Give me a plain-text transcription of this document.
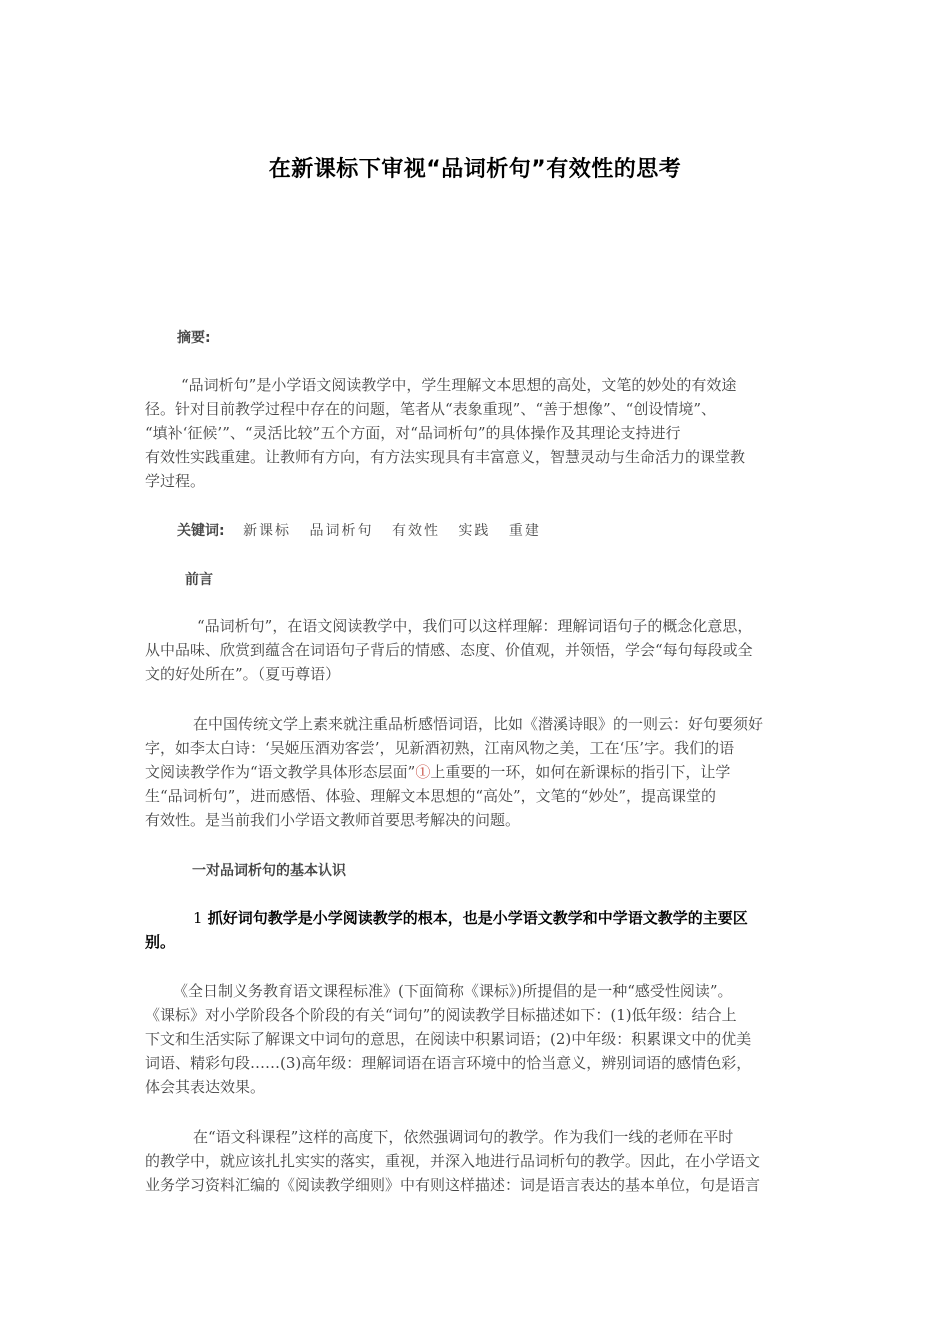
在新课标下审视“品词析句”有效性的思考
摘要:
“品词析句”是小学语文阅读教学中，学生理解文本思想的高处，文笔的妙处的有效途
径。针对目前教学过程中存在的问题，笔者从“表象重现”、“善于想像”、“创设情境”、
“填补‘征候’”、“灵活比较”五个方面，对“品词析句”的具体操作及其理论支持进行
有效性实践重建。让教师有方向，有方法实现具有丰富意义，智慧灵动与生命活力的课堂教
学过程。
关键词: 新课标 品词析句 有效性 实践 重建
前言
“品词析句”，在语文阅读教学中，我们可以这样理解：理解词语句子的概念化意思，
从中品味、欣赏到蕴含在词语句子背后的情感、态度、价值观，并领悟，学会“每句每段或全
文的好处所在”。（夏丏尊语）
在中国传统文学上素来就注重品析感悟词语，比如《潜溪诗眼》的一则云：好句要须好
字，如李太白诗：‘吴姬压酒劝客尝’，见新酒初熟，江南风物之美，工在‘压’字。我们的语
文阅读教学作为“语文教学具体形态层面”①上重要的一环，如何在新课标的指引下，让学
生“品词析句”，进而感悟、体验、理解文本思想的“高处”，文笔的“妙处”，提高课堂的
有效性。是当前我们小学语文教师首要思考解决的问题。
一对品词析句的基本认识
1 抓好词句教学是小学阅读教学的根本，也是小学语文教学和中学语文教学的主要区
别。
《全日制义务教育语文课程标准》(下面简称《课标》)所提倡的是一种“感受性阅读”。
《课标》对小学阶段各个阶段的有关“词句”的阅读教学目标描述如下：(1)低年级：结合上
下文和生活实际了解课文中词句的意思，在阅读中积累词语；(2)中年级：积累课文中的优美
词语、精彩句段……(3)高年级：理解词语在语言环境中的恰当意义，辨别词语的感情色彩，
体会其表达效果。
在“语文科课程”这样的高度下，依然强调词句的教学。作为我们一线的老师在平时
的教学中，就应该扎扎实实的落实，重视，并深入地进行品词析句的教学。因此，在小学语文
业务学习资料汇编的《阅读教学细则》中有则这样描述：词是语言表达的基本单位，句是语言
